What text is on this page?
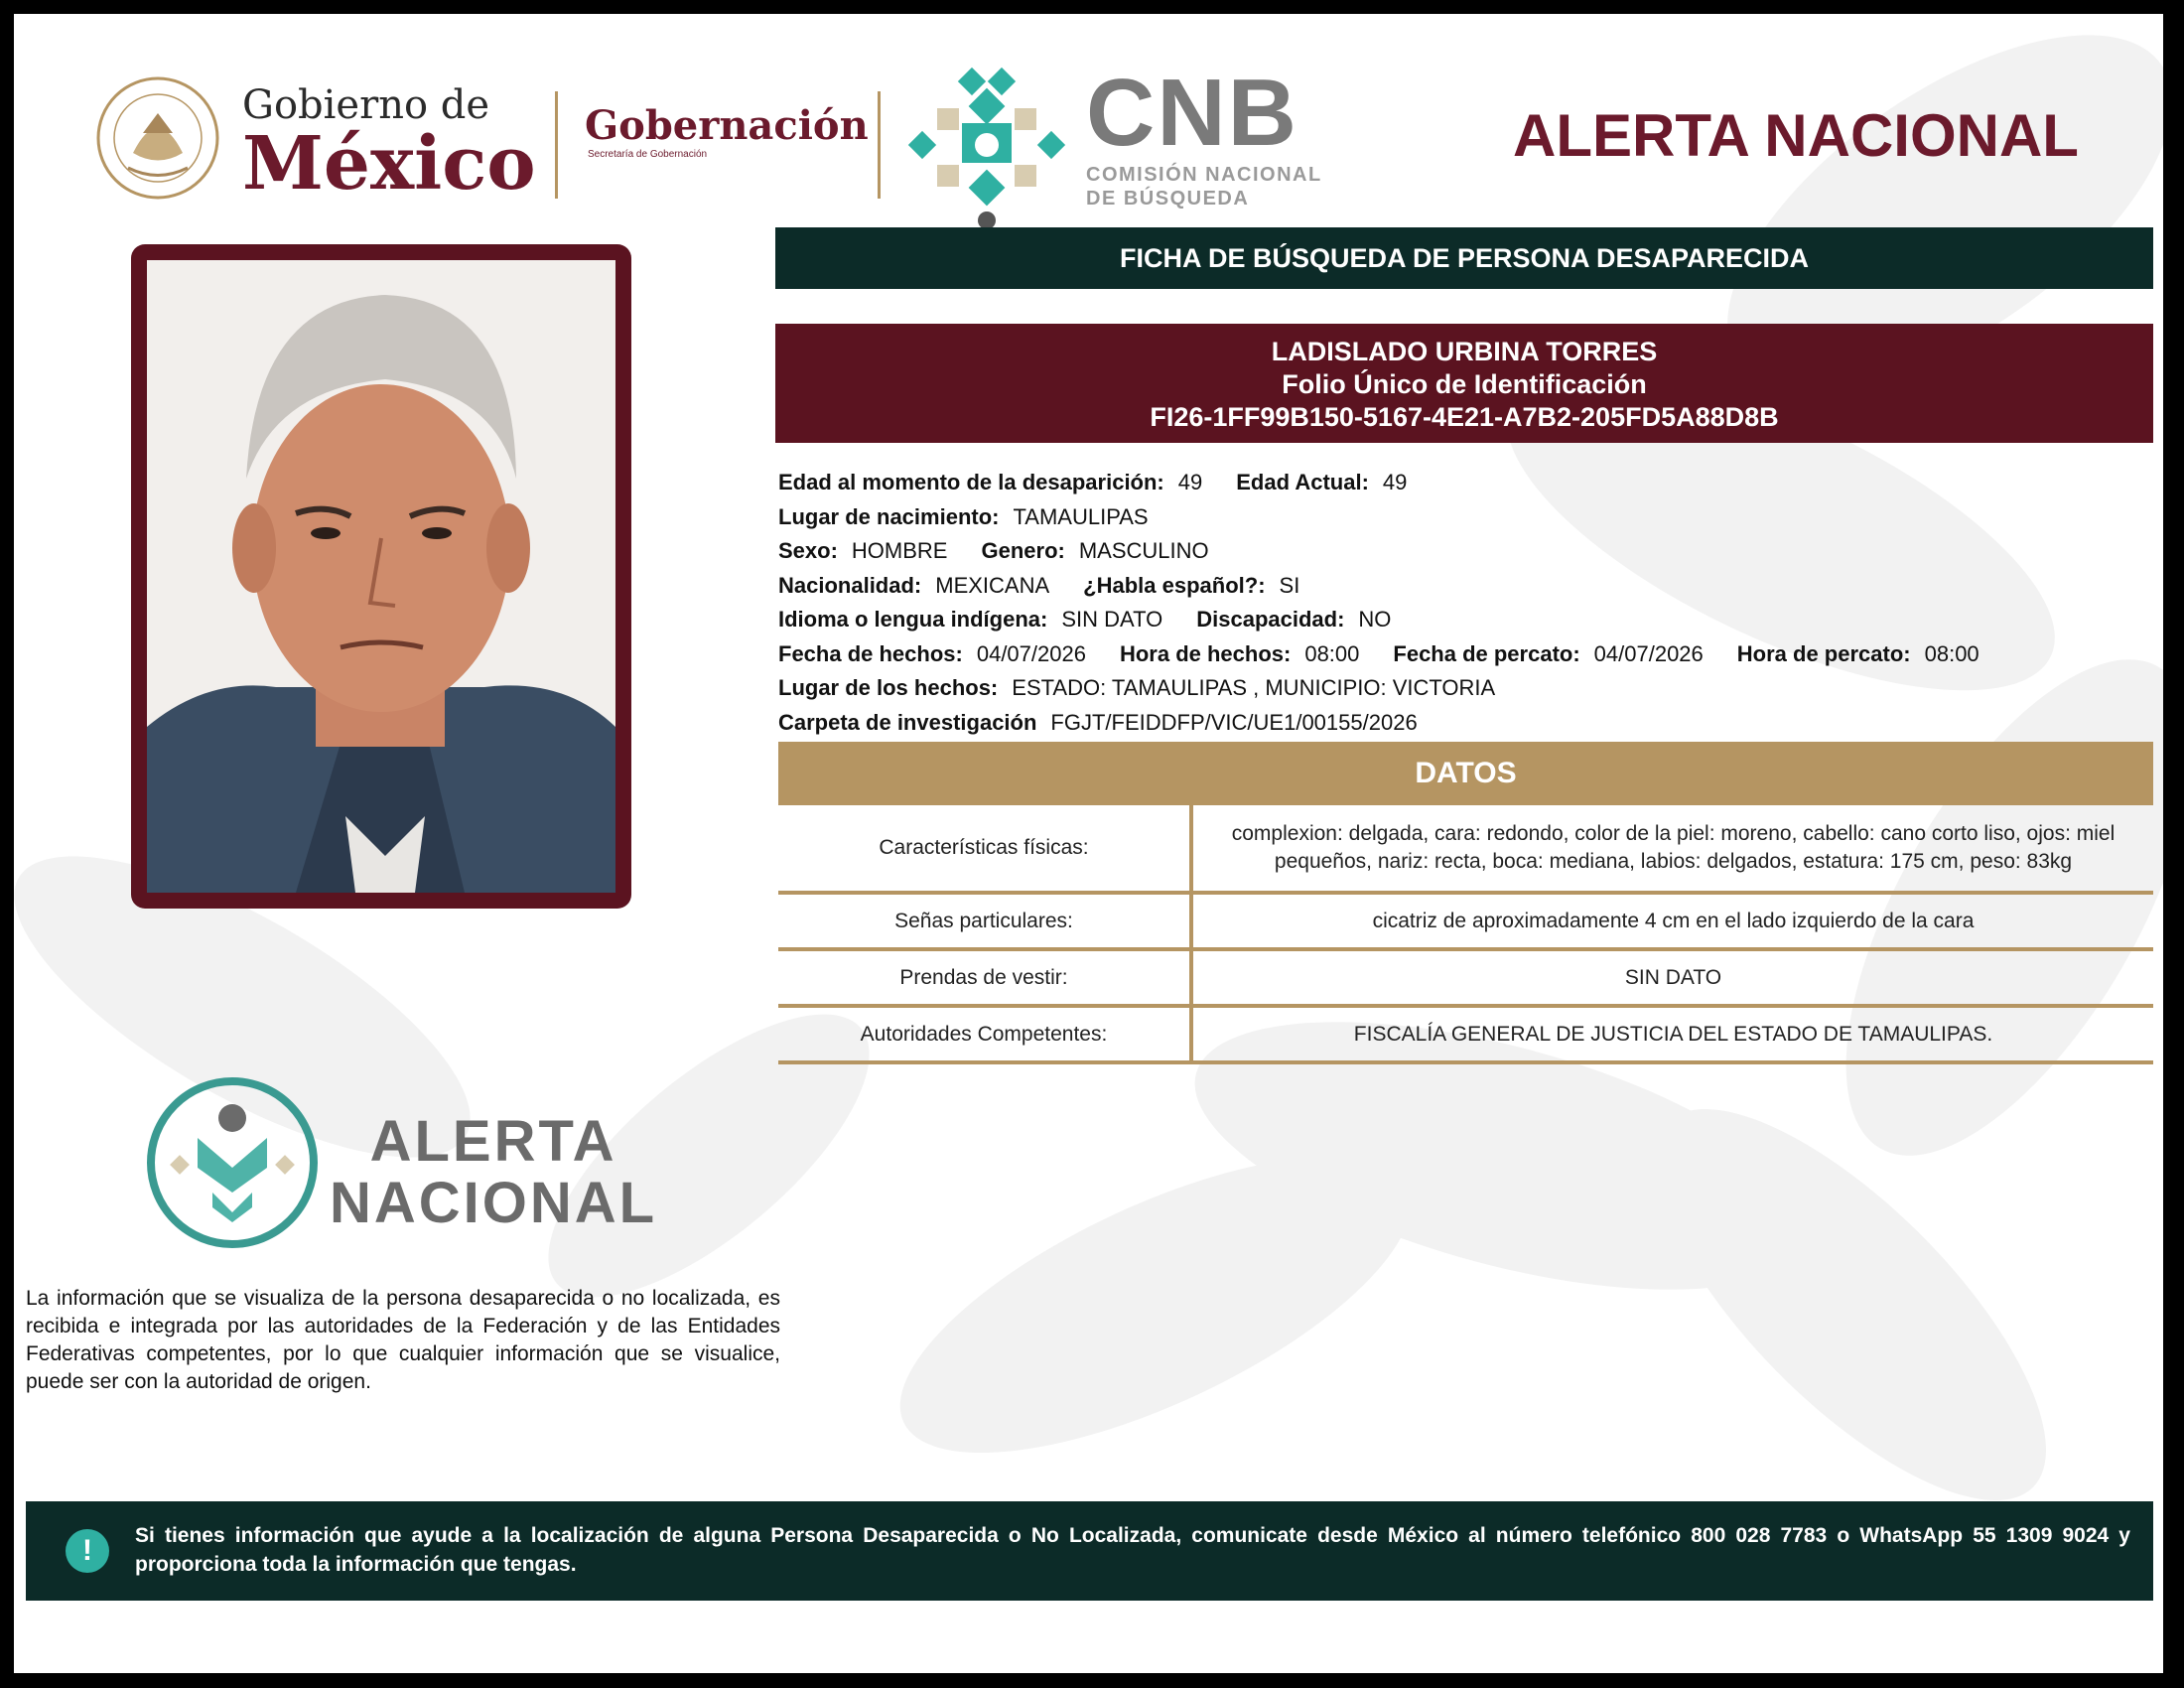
Gobierno de
México Gobernación
Secretaría de Gobernación	CNB
COMISIÓN NACIONAL
DE BÚSQUEDA
ALERTA NACIONAL
FICHA DE BÚSQUEDA DE PERSONA DESAPARECIDA
LADISLADO URBINA TORRES
Folio Único de Identificación
FI26-1FF99B150-5167-4E21-A7B2-205FD5A88D8B
Edad al momento de la desaparición: 49 Edad Actual: 49
Lugar de nacimiento: TAMAULIPAS
Sexo: HOMBRE Genero: MASCULINO
Nacionalidad: MEXICANA ¿Habla español?: SI
Idioma o lengua indígena: SIN DATO Discapacidad: NO
Fecha de hechos: 04/07/2026 Hora de hechos: 08:00 Fecha de percato: 04/07/2026 Hora de percato: 08:00
Lugar de los hechos: ESTADO: TAMAULIPAS , MUNICIPIO: VICTORIA
Carpeta de investigación FGJT/FEIDDFP/VIC/UE1/00155/2026
DATOS
Características físicas:	complexion: delgada, cara: redondo, color de la piel: moreno, cabello: cano corto liso, ojos: miel pequeños, nariz: recta, boca: mediana, labios: delgados, estatura: 175 cm, peso: 83kg
Señas particulares:	cicatriz de aproximadamente 4 cm en el lado izquierdo de la cara
Prendas de vestir:	SIN DATO
Autoridades Competentes:	FISCALÍA GENERAL DE JUSTICIA DEL ESTADO DE TAMAULIPAS.
ALERTA
NACIONAL
La información que se visualiza de la persona desaparecida o no localizada, es recibida e integrada por las autoridades de la Federación y de las Entidades Federativas competentes, por lo que cualquier información que se visualice, puede ser con la autoridad de origen.
!	Si tienes información que ayude a la localización de alguna Persona Desaparecida o No Localizada, comunicate desde México al número telefónico 800 028 7783 o WhatsApp 55 1309 9024 y proporciona toda la información que tengas.
